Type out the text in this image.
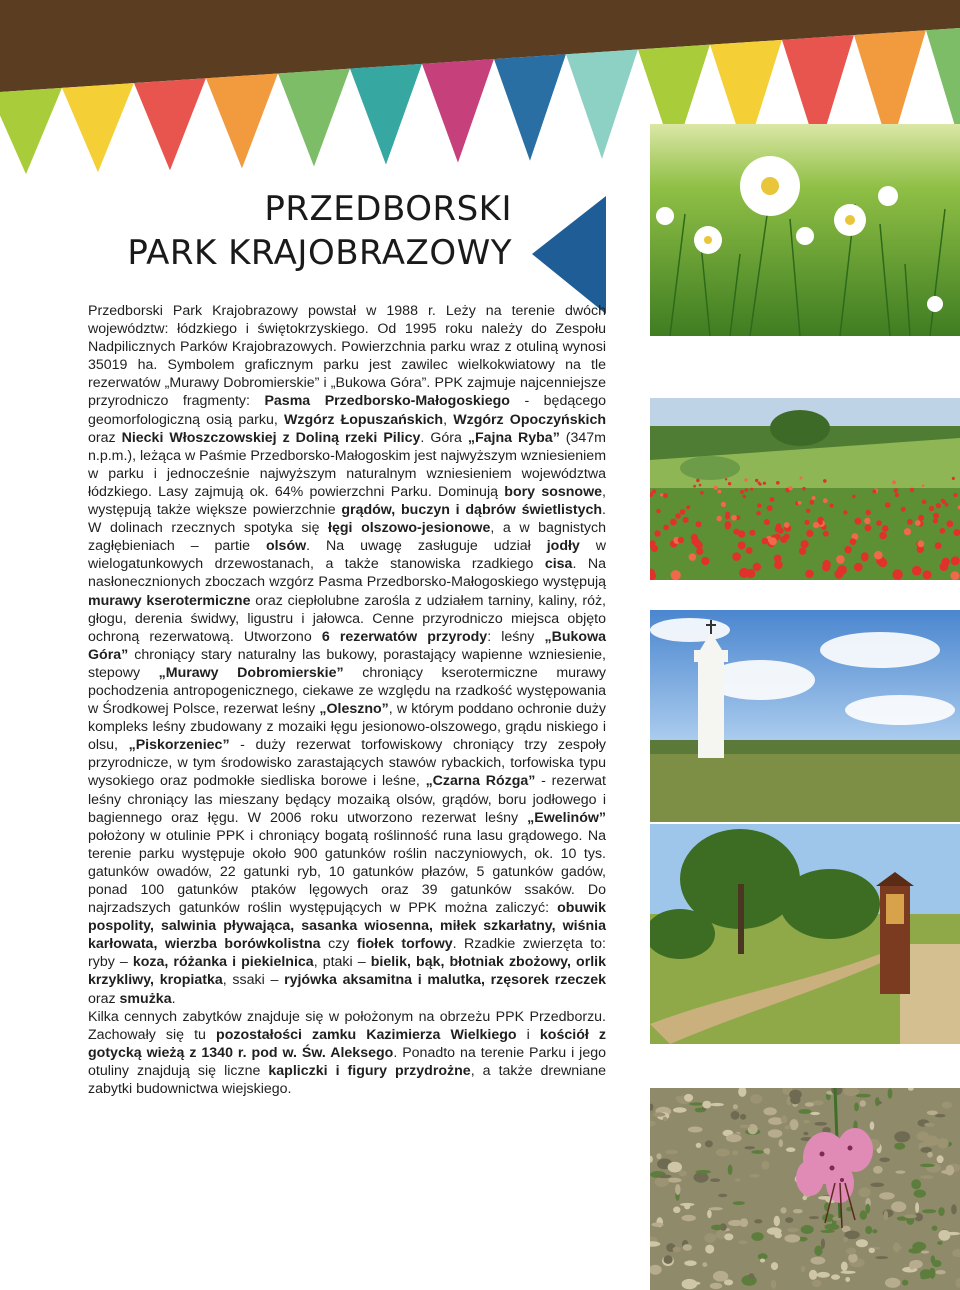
PRZEDBORSKI
PARK KRAJOBRAZOWY

Przedborski Park Krajobrazowy powstał w 1988 r. Leży na terenie dwóch województw: łódzkiego i świętokrzyskiego. Od 1995 roku należy do Zespołu Nadpilicznych Parków Krajobrazowych. Powierzchnia parku wraz z otuliną wynosi 35019 ha. Symbolem graficznym parku jest zawilec wielkokwiatowy na tle rezerwatów „Murawy Dobromierskie” i „Bukowa Góra”. PPK zajmuje najcenniejsze przyrodniczo fragmenty: Pasma Przedborsko-Małogoskiego - będącego geomorfologiczną osią parku, Wzgórz Łopuszańskich, Wzgórz Opoczyńskich oraz Niecki Włoszczowskiej z Doliną rzeki Pilicy. Góra „Fajna Ryba” (347m n.p.m.), leżąca w Paśmie Przedborsko-Małogoskim jest najwyższym wzniesieniem w parku i jednocześnie najwyższym naturalnym wzniesieniem województwa łódzkiego. Lasy zajmują ok. 64% powierzchni Parku. Dominują bory sosnowe, występują także większe powierzchnie grądów, buczyn i dąbrów świetlistych. W dolinach rzecznych spotyka się łęgi olszowo-jesionowe, a w bagnistych zagłębieniach – partie olsów. Na uwagę zasługuje udział jodły w wielogatunkowych drzewostanach, a także stanowiska rzadkiego cisa. Na nasłonecznionych zboczach wzgórz Pasma Przedborsko-Małogoskiego występują murawy kserotermiczne oraz ciepłolubne zarośla z udziałem tarniny, kaliny, róż, głogu, derenia świdwy, ligustru i jałowca. Cenne przyrodniczo miejsca objęto ochroną rezerwatową. Utworzono 6 rezerwatów przyrody: leśny „Bukowa Góra” chroniący stary naturalny las bukowy, porastający wapienne wzniesienie, stepowy „Murawy Dobromierskie” chroniący kserotermiczne murawy pochodzenia antropogenicznego, ciekawe ze względu na rzadkość występowania w Środkowej Polsce, rezerwat leśny „Oleszno”, w którym poddano ochronie duży kompleks leśny zbudowany z mozaiki łęgu jesionowo-olszowego, grądu niskiego i olsu, „Piskorzeniec” - duży rezerwat torfowiskowy chroniący trzy zespoły przyrodnicze, w tym środowisko zarastających stawów rybackich, torfowiska typu wysokiego oraz podmokłe siedliska borowe i leśne, „Czarna Rózga” - rezerwat leśny chroniący las mieszany będący mozaiką olsów, grądów, boru jodłowego i bagiennego oraz łęgu. W 2006 roku utworzono rezerwat leśny „Ewelinów” położony w otulinie PPK i chroniący bogatą roślinność runa lasu grądowego. Na terenie parku występuje około 900 gatunków roślin naczyniowych, ok. 10 tys. gatunków owadów, 22 gatunki ryb, 10 gatunków płazów, 5 gatunków gadów, ponad 100 gatunków ptaków lęgowych oraz 39 gatunków ssaków. Do najrzadszych gatunków roślin występujących w PPK można zaliczyć: obuwik pospolity, salwinia pływająca, sasanka wiosenna, miłek szkarłatny, wiśnia karłowata, wierzba borówkolistna czy fiołek torfowy. Rzadkie zwierzęta to: ryby – koza, różanka i piekielnica, ptaki – bielik, bąk, błotniak zbożowy, orlik krzykliwy, kropiatka, ssaki – ryjówka aksamitna i malutka, rzęsorek rzeczek oraz smużka.

Kilka cennych zabytków znajduje się w położonym na obrzeżu PPK Przedborzu. Zachowały się tu pozostałości zamku Kazimierza Wielkiego i kościół z gotycką wieżą z 1340 r. pod w. Św. Aleksego. Ponadto na terenie Parku i jego otuliny znajdują się liczne kapliczki i figury przydrożne, a także drewniane zabytki budownictwa wiejskiego.
